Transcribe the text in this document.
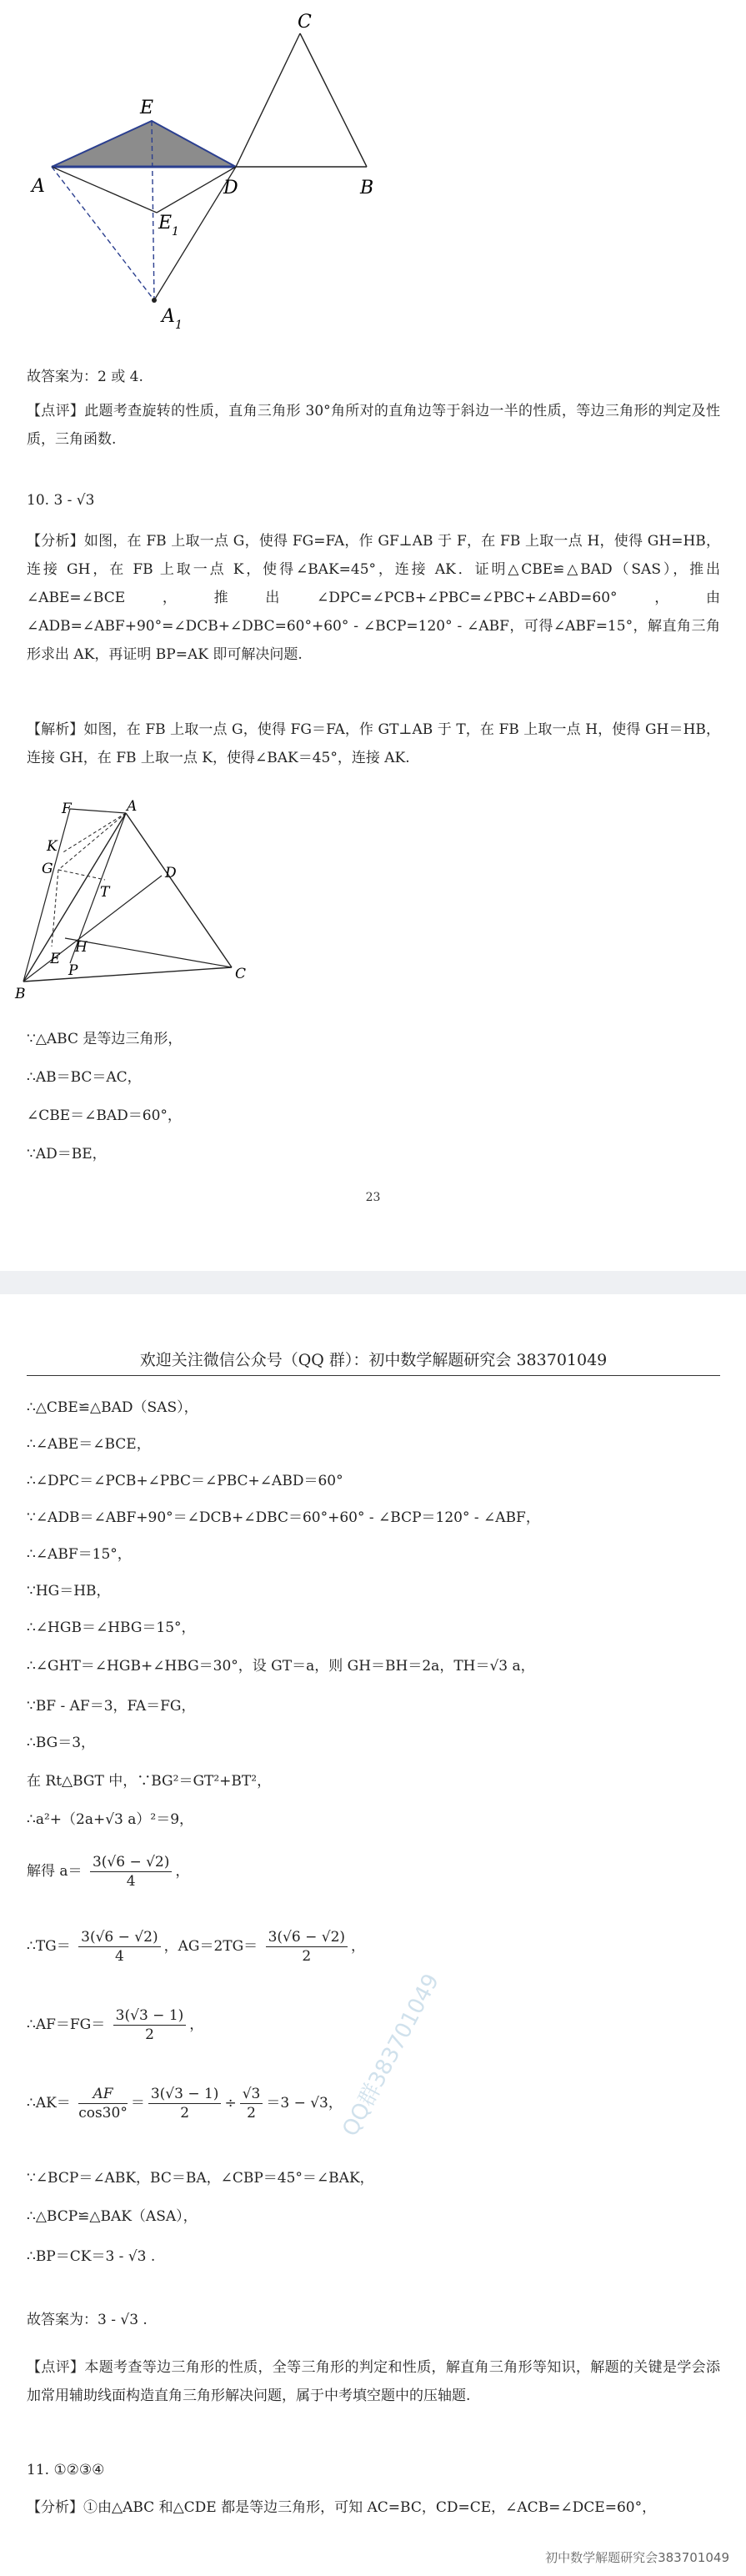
C
E
A	D	B
E 1
A 1
故答案为：2 或 4.
【点评】此题考查旋转的性质，直角三角形 30°角所对的直角边等于斜边一半的性质，等边三角形的判定及性质，三角函数.
10. 3 - √3
【分析】如图，在 FB 上取一点 G，使得 FG=FA，作 GF⊥AB 于 F，在 FB 上取一点 H，使得 GH=HB，连接 GH，在 FB 上取一点 K，使得∠BAK=45°，连接 AK．证明△CBE≌△BAD（SAS），推出∠ABE=∠BCE，推出∠DPC=∠PCB+∠PBC=∠PBC+∠ABD=60°，由∠ADB=∠ABF+90°=∠DCB+∠DBC=60°+60° - ∠BCP=120° - ∠ABF，可得∠ABF=15°，解直角三角形求出 AK，再证明 BP=AK 即可解决问题.
【解析】如图，在 FB 上取一点 G，使得 FG＝FA，作 GT⊥AB 于 T，在 FB 上取一点 H，使得 GH＝HB，连接 GH，在 FB 上取一点 K，使得∠BAK＝45°，连接 AK.
F	A
K
G	D
T
H
E
P
B
C
∵△ABC 是等边三角形，
∴AB＝BC＝AC，
∠CBE＝∠BAD＝60°，
∵AD＝BE，
23
欢迎关注微信公众号（QQ 群）：初中数学解题研究会 383701049
∴△CBE≌△BAD（SAS），
∴∠ABE＝∠BCE，
∴∠DPC＝∠PCB+∠PBC＝∠PBC+∠ABD＝60°
∵∠ADB＝∠ABF+90°＝∠DCB+∠DBC＝60°+60° - ∠BCP＝120° - ∠ABF，
∴∠ABF＝15°，
∵HG＝HB，
∴∠HGB＝∠HBG＝15°，
∴∠GHT＝∠HGB+∠HBG＝30°，设 GT＝a，则 GH＝BH＝2a，TH＝√3 a，
∵BF - AF＝3，FA＝FG，
∴BG＝3，
在 Rt△BGT 中，∵BG²＝GT²+BT²，
∴a²+（2a+√3 a）²＝9，
解得 $a= \frac{3(√6 - √2)}{4}$ ，
∴TG＝ $\frac{3(√6 - √2)}{4}$ ，$AG=2TG= \frac{3(√6 - √2)}{2}$ ，
∴AF＝FG＝ $\frac{3(√3 - 1)}{2}$ ，
∴AK＝ $\frac{AF}{\cos 30^\circ} = \frac{3(√3 - 1)}{2} \div \frac{√3}{2} =3 - √3$，
∵∠BCP＝∠ABK，BC＝BA，∠CBP＝45°＝∠BAK，
∴△BCP≌△BAK（ASA），
∴BP＝CK＝3 - √3 .
故答案为：3 - √3 .
【点评】本题考查等边三角形的性质，全等三角形的判定和性质，解直角三角形等知识，解题的关键是学会添加常用辅助线面构造直角三角形解决问题，属于中考填空题中的压轴题.
11. ①②③④
【分析】①由△ABC 和△CDE 都是等边三角形，可知 AC=BC，CD=CE，∠ACB=∠DCE=60°，
QQ群383701049
初中数学解题研究会383701049
